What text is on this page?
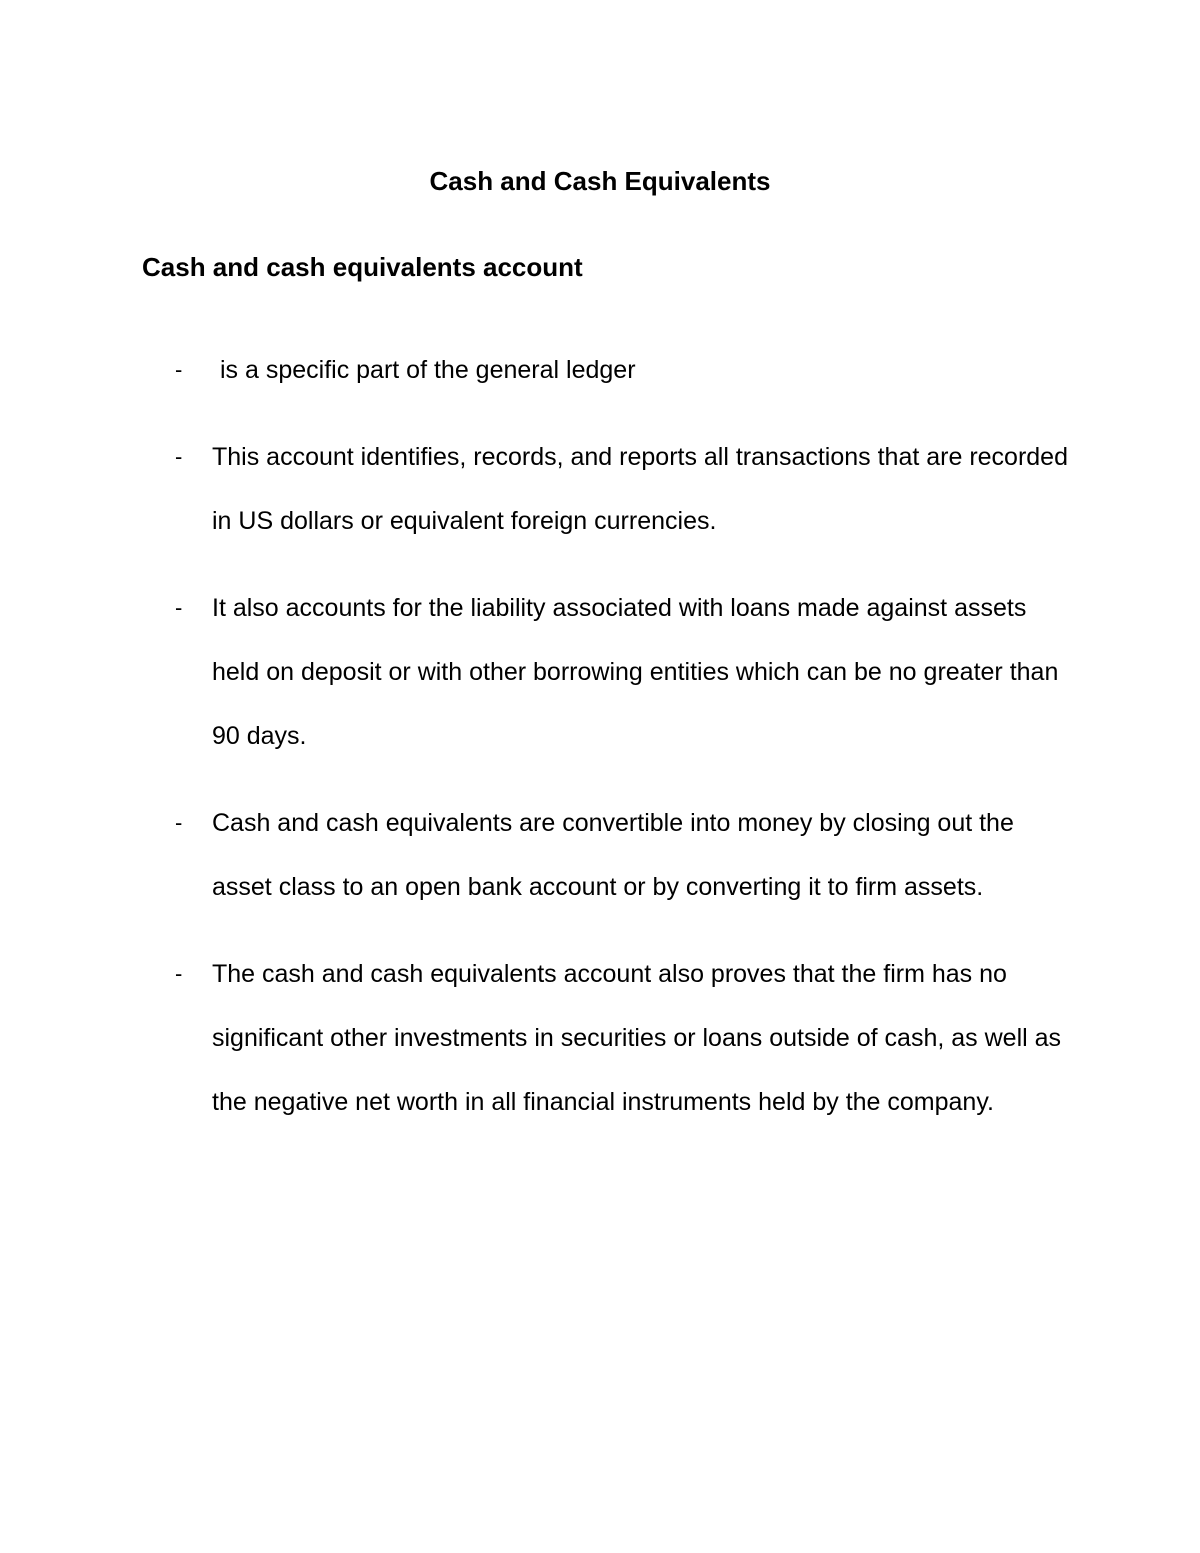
Cash and Cash Equivalents
Cash and cash equivalents account
- is a specific part of the general ledger
- This account identifies, records, and reports all transactions that are recorded in US dollars or equivalent foreign currencies.
- It also accounts for the liability associated with loans made against assets held on deposit or with other borrowing entities which can be no greater than 90 days.
- Cash and cash equivalents are convertible into money by closing out the asset class to an open bank account or by converting it to firm assets.
- The cash and cash equivalents account also proves that the firm has no significant other investments in securities or loans outside of cash, as well as the negative net worth in all financial instruments held by the company.
